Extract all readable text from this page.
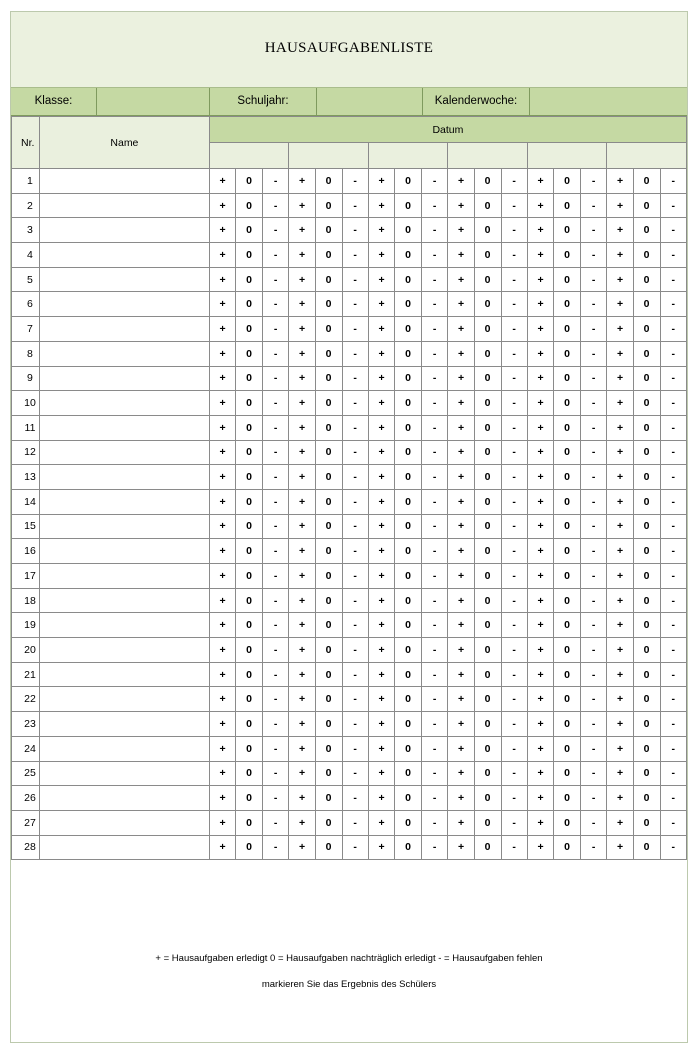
HAUSAUFGABENLISTE
Klasse:	Schuljahr:	Kalenderwoche:
Nr.	Name	Datum																	

1		+	0	-	+	0	-	+	0	-	+	0	-	+	0	-	+	0	-
2		+	0	-	+	0	-	+	0	-	+	0	-	+	0	-	+	0	-
3		+	0	-	+	0	-	+	0	-	+	0	-	+	0	-	+	0	-
4		+	0	-	+	0	-	+	0	-	+	0	-	+	0	-	+	0	-
5		+	0	-	+	0	-	+	0	-	+	0	-	+	0	-	+	0	-
6		+	0	-	+	0	-	+	0	-	+	0	-	+	0	-	+	0	-
7		+	0	-	+	0	-	+	0	-	+	0	-	+	0	-	+	0	-
8		+	0	-	+	0	-	+	0	-	+	0	-	+	0	-	+	0	-
9		+	0	-	+	0	-	+	0	-	+	0	-	+	0	-	+	0	-
10		+	0	-	+	0	-	+	0	-	+	0	-	+	0	-	+	0	-
11		+	0	-	+	0	-	+	0	-	+	0	-	+	0	-	+	0	-
12		+	0	-	+	0	-	+	0	-	+	0	-	+	0	-	+	0	-
13		+	0	-	+	0	-	+	0	-	+	0	-	+	0	-	+	0	-
14		+	0	-	+	0	-	+	0	-	+	0	-	+	0	-	+	0	-
15		+	0	-	+	0	-	+	0	-	+	0	-	+	0	-	+	0	-
16		+	0	-	+	0	-	+	0	-	+	0	-	+	0	-	+	0	-
17		+	0	-	+	0	-	+	0	-	+	0	-	+	0	-	+	0	-
18		+	0	-	+	0	-	+	0	-	+	0	-	+	0	-	+	0	-
19		+	0	-	+	0	-	+	0	-	+	0	-	+	0	-	+	0	-
20		+	0	-	+	0	-	+	0	-	+	0	-	+	0	-	+	0	-
21		+	0	-	+	0	-	+	0	-	+	0	-	+	0	-	+	0	-
22		+	0	-	+	0	-	+	0	-	+	0	-	+	0	-	+	0	-
23		+	0	-	+	0	-	+	0	-	+	0	-	+	0	-	+	0	-
24		+	0	-	+	0	-	+	0	-	+	0	-	+	0	-	+	0	-
25		+	0	-	+	0	-	+	0	-	+	0	-	+	0	-	+	0	-
26		+	0	-	+	0	-	+	0	-	+	0	-	+	0	-	+	0	-
27		+	0	-	+	0	-	+	0	-	+	0	-	+	0	-	+	0	-
28		+	0	-	+	0	-	+	0	-	+	0	-	+	0	-	+	0	-
+ = Hausaufgaben erledigt 0 = Hausaufgaben nachträglich erledigt - = Hausaufgaben fehlen
markieren Sie das Ergebnis des Schülers
